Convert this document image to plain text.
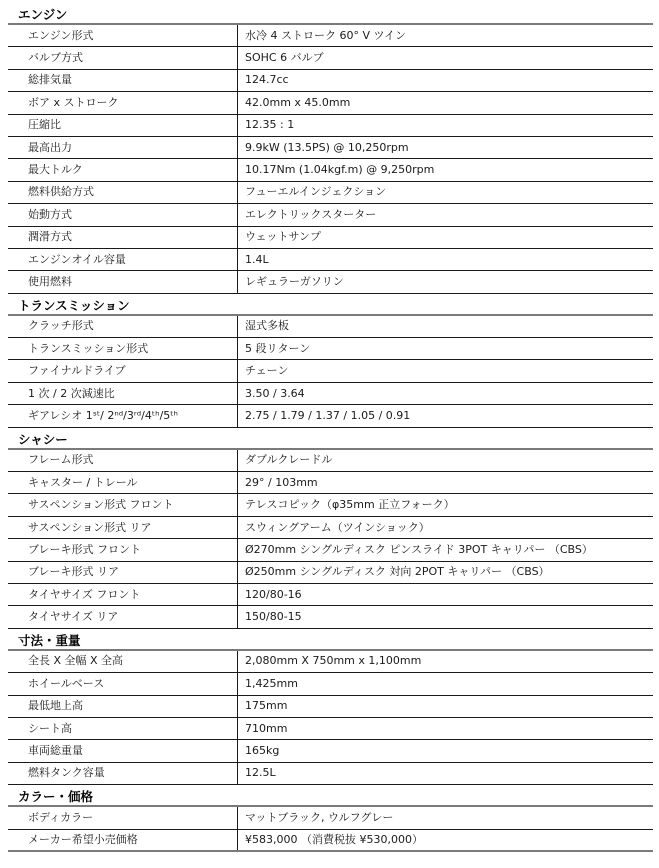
エンジン
エンジン形式	水冷 4 ストローク 60° V ツイン
バルブ方式	SOHC 6 バルブ
総排気量	124.7cc
ボア x ストローク	42.0mm x 45.0mm
圧縮比	12.35 : 1
最高出力	9.9kW (13.5PS) @ 10,250rpm
最大トルク	10.17Nm (1.04kgf.m) @ 9,250rpm
燃料供給方式	フューエルインジェクション
始動方式	エレクトリックスターター
潤滑方式	ウェットサンプ
エンジンオイル容量	1.4L
使用燃料	レギュラーガソリン
トランスミッション
クラッチ形式	湿式多板
トランスミッション形式	5 段リターン
ファイナルドライブ	チェーン
1 次 / 2 次減速比	3.50 / 3.64
ギアレシオ 1ˢᵗ/ 2ⁿᵈ/3ʳᵈ/4ᵗʰ/5ᵗʰ	2.75 / 1.79 / 1.37 / 1.05 / 0.91
シャシー
フレーム形式	ダブルクレードル
キャスター / トレール	29° / 103mm
サスペンション形式 フロント	テレスコピック（φ35mm 正立フォーク）
サスペンション形式 リア	スウィングアーム（ツインショック）
ブレーキ形式 フロント	Ø270mm シングルディスク ピンスライド 3POT キャリパー （CBS）
ブレーキ形式 リア	Ø250mm シングルディスク 対向 2POT キャリパー （CBS）
タイヤサイズ フロント	120/80-16
タイヤサイズ リア	150/80-15
寸法・重量
全長 X 全幅 X 全高	2,080mm X 750mm x 1,100mm
ホイールベース	1,425mm
最低地上高	175mm
シート高	710mm
車両総重量	165kg
燃料タンク容量	12.5L
カラー・価格
ボディカラー	マットブラック, ウルフグレー
メーカー希望小売価格	¥583,000 （消費税抜 ¥530,000）
